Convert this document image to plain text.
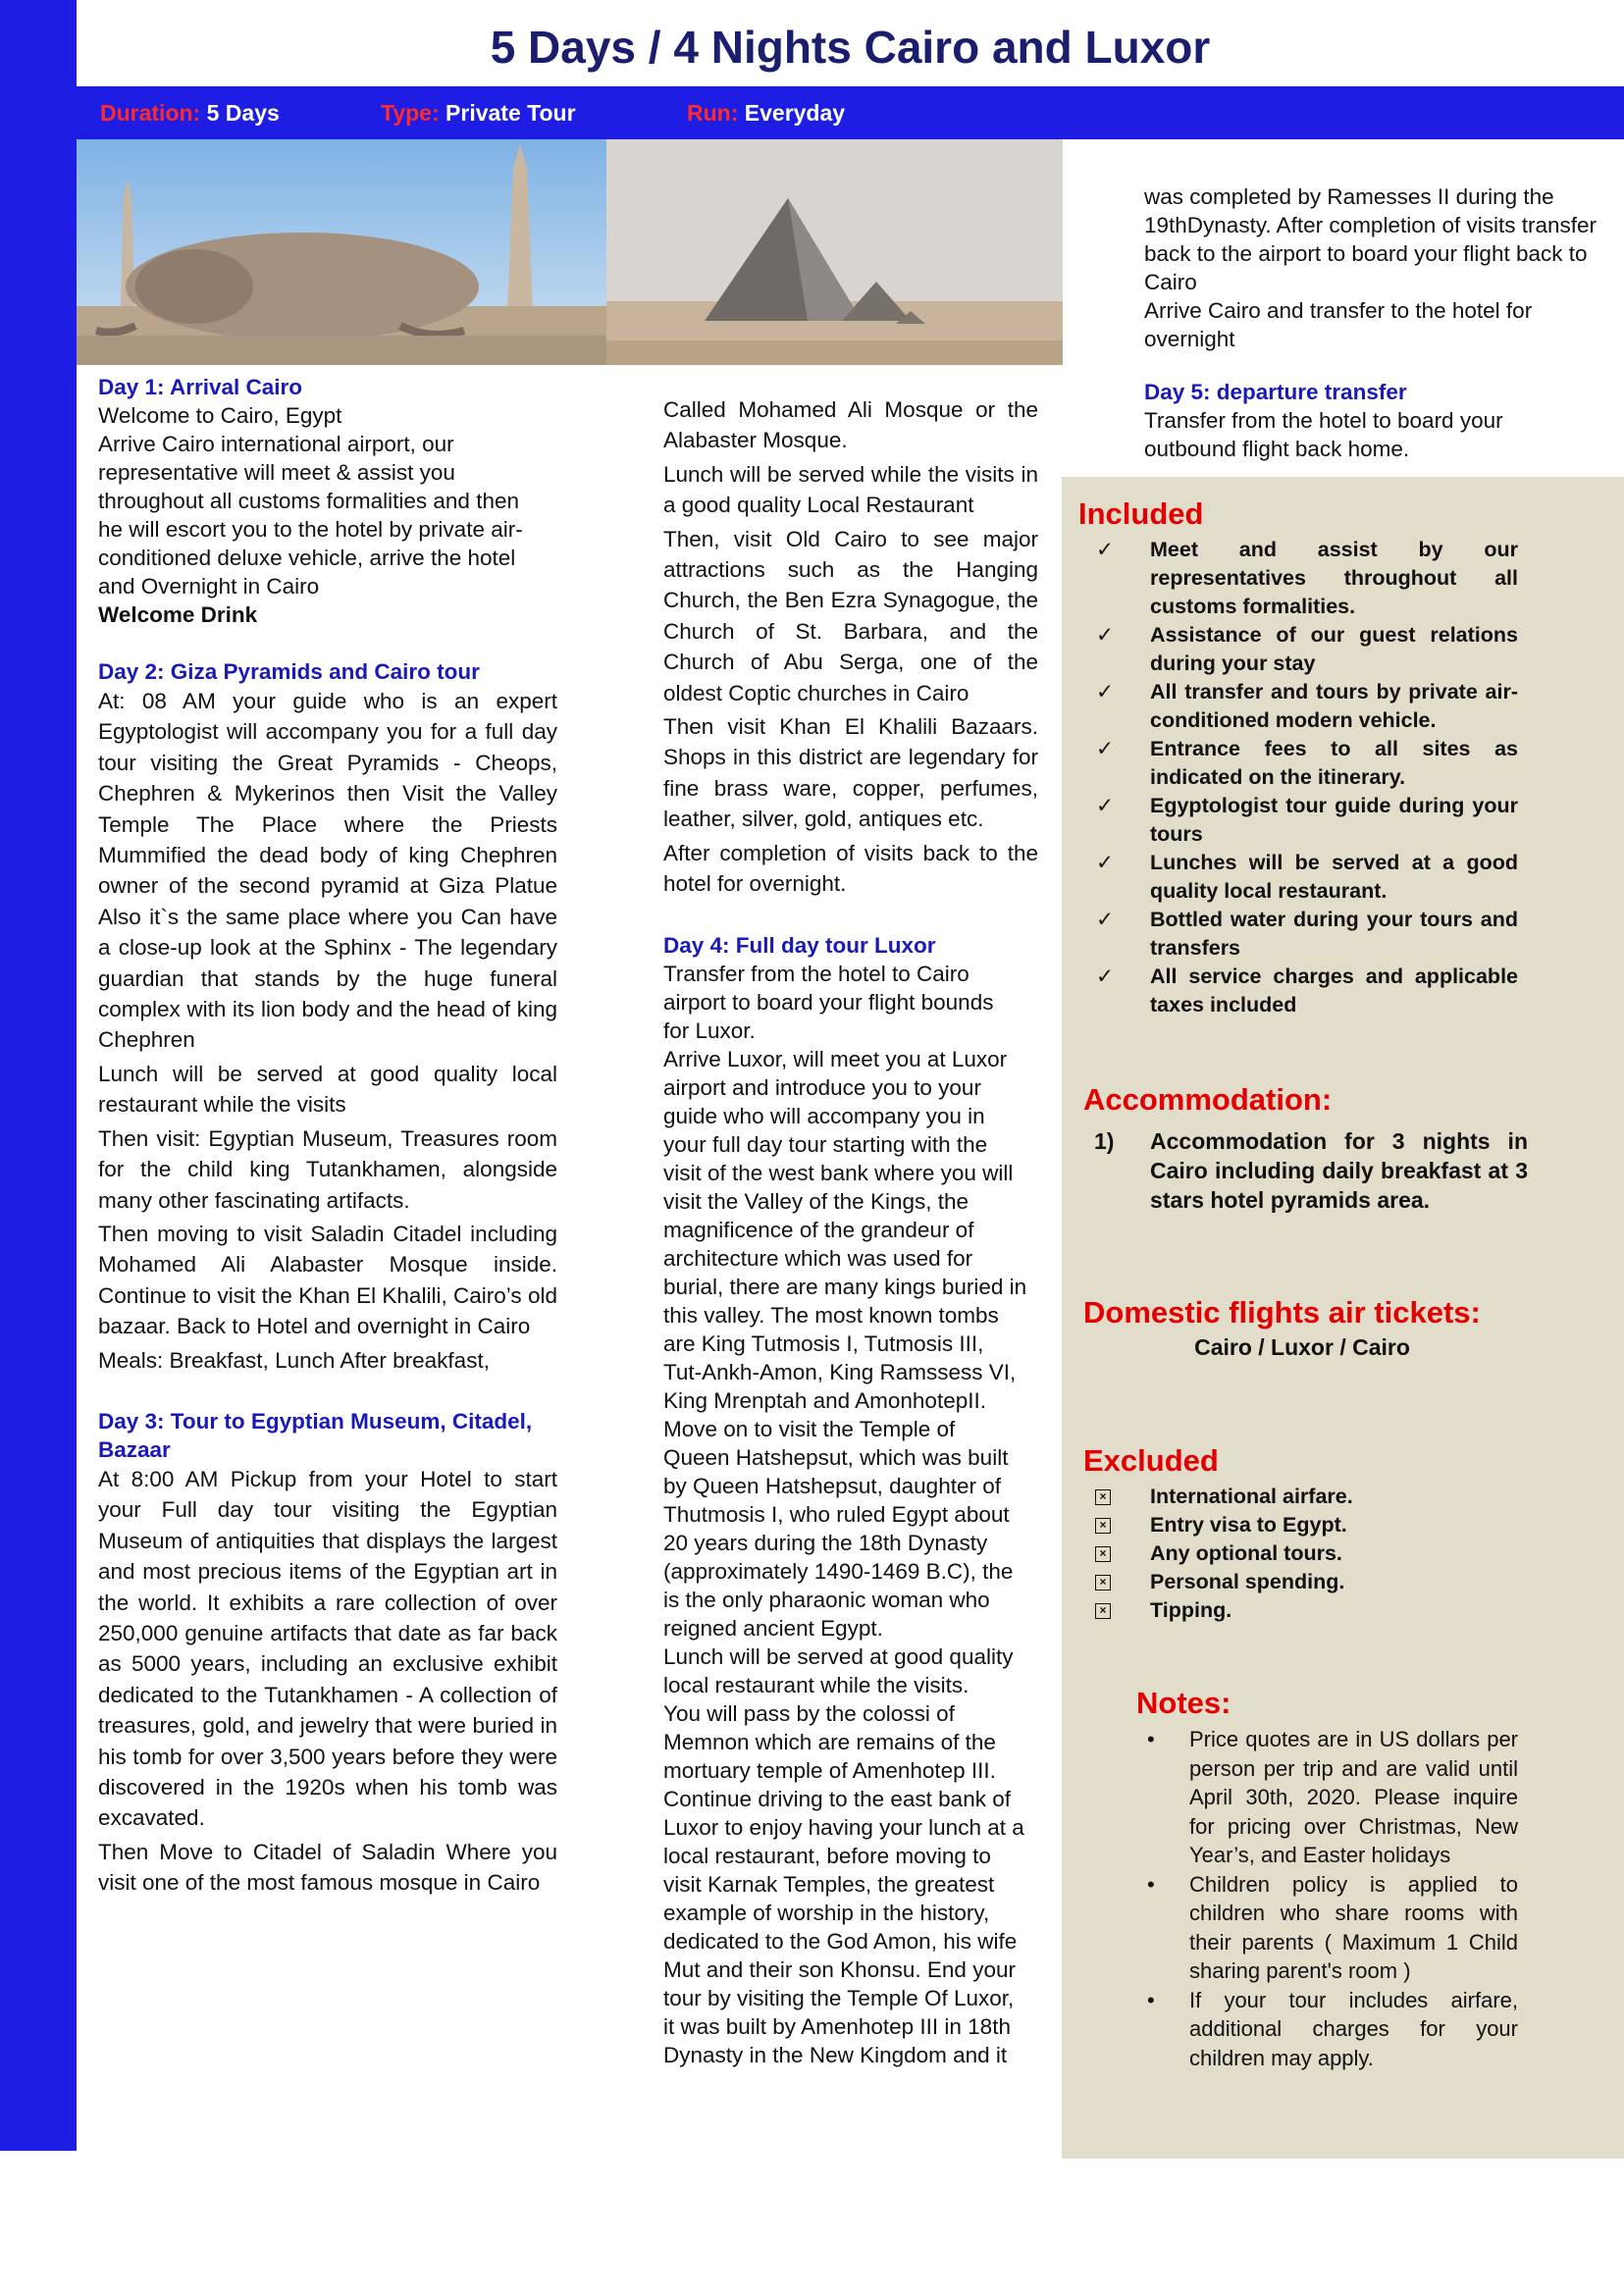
5 Days / 4 Nights Cairo and Luxor
Duration: 5 Days	Type: Private Tour	Run: Everyday

Day 1: Arrival Cairo

Welcome to Cairo, Egypt

Arrive Cairo international airport, our

representative will meet & assist you

throughout all customs formalities and then

he will escort you to the hotel by private air-

conditioned deluxe vehicle, arrive the hotel

and Overnight in Cairo

Welcome Drink

Day 2: Giza Pyramids and Cairo tour

At: 08 AM your guide who is an expert Egyptologist will accompany you for a full day tour visiting the Great Pyramids - Cheops, Chephren & Mykerinos then Visit the Valley Temple The Place where the Priests Mummified the dead body of king Chephren owner of the second pyramid at Giza Platue Also it`s the same place where you Can have a close-up look at the Sphinx - The legendary guardian that stands by the huge funeral complex with its lion body and the head of king Chephren

Lunch will be served at good quality local restaurant while the visits

Then visit: Egyptian Museum, Treasures room for the child king Tutankhamen, alongside many other fascinating artifacts.

Then moving to visit Saladin Citadel including Mohamed Ali Alabaster Mosque inside. Continue to visit the Khan El Khalili, Cairo’s old bazaar. Back to Hotel and overnight in Cairo

Meals: Breakfast, Lunch After breakfast,

Day 3: Tour to Egyptian Museum, Citadel, Bazaar

At 8:00 AM Pickup from your Hotel to start your Full day tour visiting the Egyptian Museum of antiquities that displays the largest and most precious items of the Egyptian art in the world. It exhibits a rare collection of over 250,000 genuine artifacts that date as far back as 5000 years, including an exclusive exhibit dedicated to the Tutankhamen - A collection of treasures, gold, and jewelry that were buried in his tomb for over 3,500 years before they were discovered in the 1920s when his tomb was excavated.

Then Move to Citadel of Saladin Where you visit one of the most famous mosque in Cairo

Called Mohamed Ali Mosque or the Alabaster Mosque.

Lunch will be served while the visits in a good quality Local Restaurant

Then, visit Old Cairo to see major attractions such as the Hanging Church, the Ben Ezra Synagogue, the Church of St. Barbara, and the Church of Abu Serga, one of the oldest Coptic churches in Cairo

Then visit Khan El Khalili Bazaars. Shops in this district are legendary for fine brass ware, copper, perfumes, leather, silver, gold, antiques etc.

After completion of visits back to the hotel for overnight.

Day 4: Full day tour Luxor

Transfer from the hotel to Cairo

airport to board your flight bounds

for Luxor.

Arrive Luxor, will meet you at Luxor

airport and introduce you to your

guide who will accompany you in

your full day tour starting with the

visit of the west bank where you will

visit the Valley of the Kings, the

magnificence of the grandeur of

architecture which was used for

burial, there are many kings buried in

this valley. The most known tombs

are King Tutmosis I, Tutmosis III,

Tut-Ankh-Amon, King Ramssess VI,

King Mrenptah and AmonhotepII.

Move on to visit the Temple of

Queen Hatshepsut, which was built

by Queen Hatshepsut, daughter of

Thutmosis I, who ruled Egypt about

20 years during the 18th Dynasty

(approximately 1490-1469 B.C), the

is the only pharaonic woman who

reigned ancient Egypt.

Lunch will be served at good quality

local restaurant while the visits.

You will pass by the colossi of

Memnon which are remains of the

mortuary temple of Amenhotep III.

Continue driving to the east bank of

Luxor to enjoy having your lunch at a

local restaurant, before moving to

visit Karnak Temples, the greatest

example of worship in the history,

dedicated to the God Amon, his wife

Mut and their son Khonsu. End your

tour by visiting the Temple Of Luxor,

it was built by Amenhotep III in 18th

Dynasty in the New Kingdom and it

was completed by Ramesses II during the

19thDynasty. After completion of visits transfer

back to the airport to board your flight back to

Cairo

Arrive Cairo and transfer to the hotel for

overnight

Day 5: departure transfer

Transfer from the hotel to board your

outbound flight back home.

Included
✓ Meet and assist by our representatives throughout all customs formalities.
✓ Assistance of our guest relations during your stay
✓ All transfer and tours by private air-conditioned modern vehicle.
✓ Entrance fees to all sites as indicated on the itinerary.
✓ Egyptologist tour guide during your tours
✓ Lunches will be served at a good quality local restaurant.
✓ Bottled water during your tours and transfers
✓ All service charges and applicable taxes included
Accommodation:
1) Accommodation for 3 nights in Cairo including daily breakfast at 3 stars hotel pyramids area.
Domestic flights air tickets:
Cairo / Luxor / Cairo
Excluded
× International airfare.
× Entry visa to Egypt.
× Any optional tours.
× Personal spending.
× Tipping.
Notes:
• Price quotes are in US dollars per person per trip and are valid until April 30th, 2020. Please inquire for pricing over Christmas, New Year’s, and Easter holidays
• Children policy is applied to children who share rooms with their parents ( Maximum 1 Child sharing parent's room )
• If your tour includes airfare, additional charges for your children may apply.
